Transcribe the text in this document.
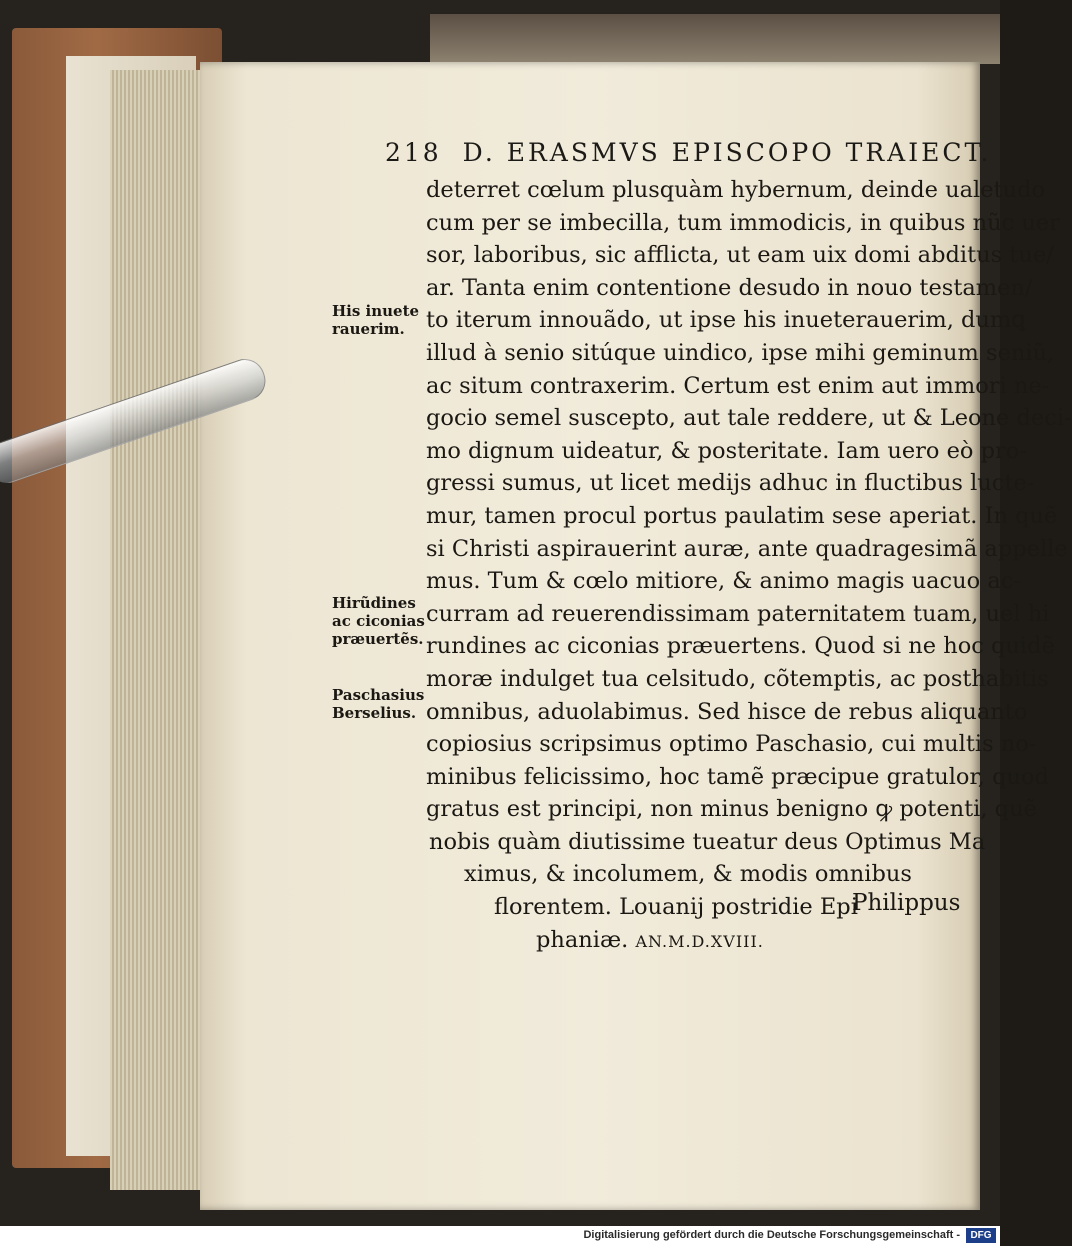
218 D. ERASMVS EPISCOPO TRAIECT.
deterret cœlum plusquàm hybernum, deinde ualetudo
cum per se imbecilla, tum immodicis, in quibus nũc uer
sor, laboribus, sic afflicta, ut eam uix domi abditus tue/
ar. Tanta enim contentione desudo in nouo testamen/
to iterum innouãdo, ut ipse his inueterauerim, dumꝗ
illud à senio sitúque uindico, ipse mihi geminum seniũ,
ac situm contraxerim. Certum est enim aut immori ne-
gocio semel suscepto, aut tale reddere, ut & Leone deci-
mo dignum uideatur, & posteritate. Iam uero eò pro-
gressi sumus, ut licet medijs adhuc in fluctibus lucte-
mur, tamen procul portus paulatim sese aperiat. In quẽ
si Christi aspirauerint auræ, ante quadragesimã appelle
mus. Tum & cœlo mitiore, & animo magis uacuo ac-
curram ad reuerendissimam paternitatem tuam, uel hi
rundines ac ciconias præuertens. Quod si ne hoc quidẽ
moræ indulget tua celsitudo, cõtemptis, ac posthabitis
omnibus, aduolabimus. Sed hisce de rebus aliquanto
copiosius scripsimus optimo Paschasio, cui multis no-
minibus felicissimo, hoc tamẽ præcipue gratulor, quod
gratus est principi, non minus benigno ꝙ potenti, quẽ
nobis quàm diutissime tueatur deus Optimus Ma
ximus, & incolumem, & modis omnibus
florentem. Louanij postridie Epi
phaniæ. AN.M.D.XVIII.
His inuete
rauerim.
Hirũdines
ac ciconias
præuertẽs.
Paschasius
Berselius.
Philippus
Digitalisierung gefördert durch die Deutsche Forschungsgemeinschaft -	DFG
